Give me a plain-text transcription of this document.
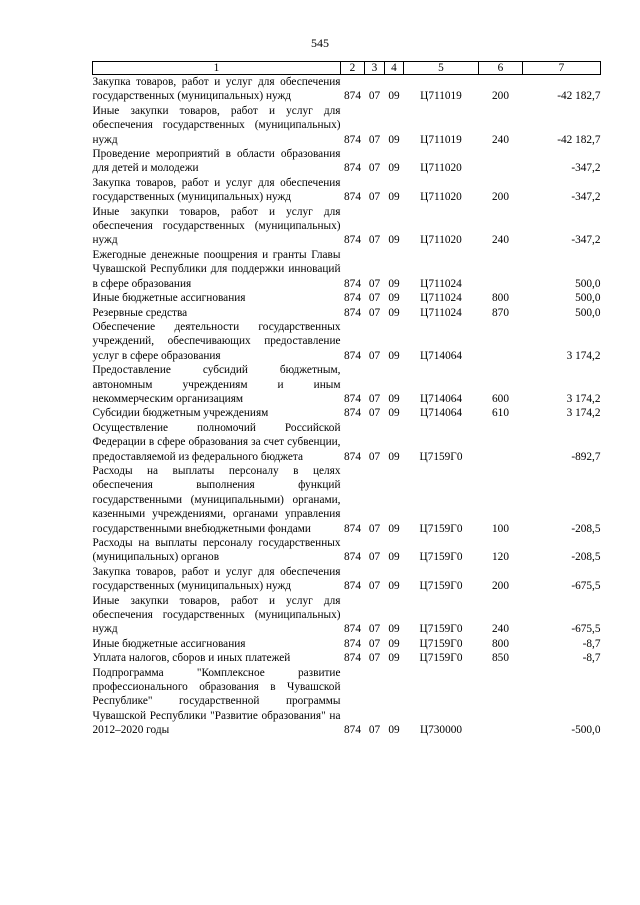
545
1	2	3	4	5	6	7
Закупка товаров, работ и услуг для обеспечения государственных (муниципальных) нужд	874	07	09	Ц711019	200	-42 182,7
Иные закупки товаров, работ и услуг для обеспечения государственных (муниципальных) нужд	874	07	09	Ц711019	240	-42 182,7
Проведение мероприятий в области образования для детей и молодежи	874	07	09	Ц711020		-347,2
Закупка товаров, работ и услуг для обеспечения государственных (муниципальных) нужд	874	07	09	Ц711020	200	-347,2
Иные закупки товаров, работ и услуг для обеспечения государственных (муниципальных) нужд	874	07	09	Ц711020	240	-347,2
Ежегодные денежные поощрения и гранты Главы Чувашской Республики для поддержки инноваций в сфере образования	874	07	09	Ц711024		500,0
Иные бюджетные ассигнования	874	07	09	Ц711024	800	500,0
Резервные средства	874	07	09	Ц711024	870	500,0
Обеспечение деятельности государственных учреждений, обеспечивающих предоставление услуг в сфере образования	874	07	09	Ц714064		3 174,2
Предоставление субсидий бюджетным, автономным учреждениям и иным некоммерческим организациям	874	07	09	Ц714064	600	3 174,2
Субсидии бюджетным учреждениям	874	07	09	Ц714064	610	3 174,2
Осуществление полномочий Российской Федерации в сфере образования за счет субвенции, предоставляемой из федерального бюджета	874	07	09	Ц7159Г0		-892,7
Расходы на выплаты персоналу в целях обеспечения выполнения функций государственными (муниципальными) органами, казенными учреждениями, органами управления государственными внебюджетными фондами	874	07	09	Ц7159Г0	100	-208,5
Расходы на выплаты персоналу государственных (муниципальных) органов	874	07	09	Ц7159Г0	120	-208,5
Закупка товаров, работ и услуг для обеспечения государственных (муниципальных) нужд	874	07	09	Ц7159Г0	200	-675,5
Иные закупки товаров, работ и услуг для обеспечения государственных (муниципальных) нужд	874	07	09	Ц7159Г0	240	-675,5
Иные бюджетные ассигнования	874	07	09	Ц7159Г0	800	-8,7
Уплата налогов, сборов и иных платежей	874	07	09	Ц7159Г0	850	-8,7
Подпрограмма "Комплексное развитие профессионального образования в Чувашской Республике" государственной программы Чувашской Республики "Развитие образования" на 2012–2020 годы	874	07	09	Ц730000		-500,0
